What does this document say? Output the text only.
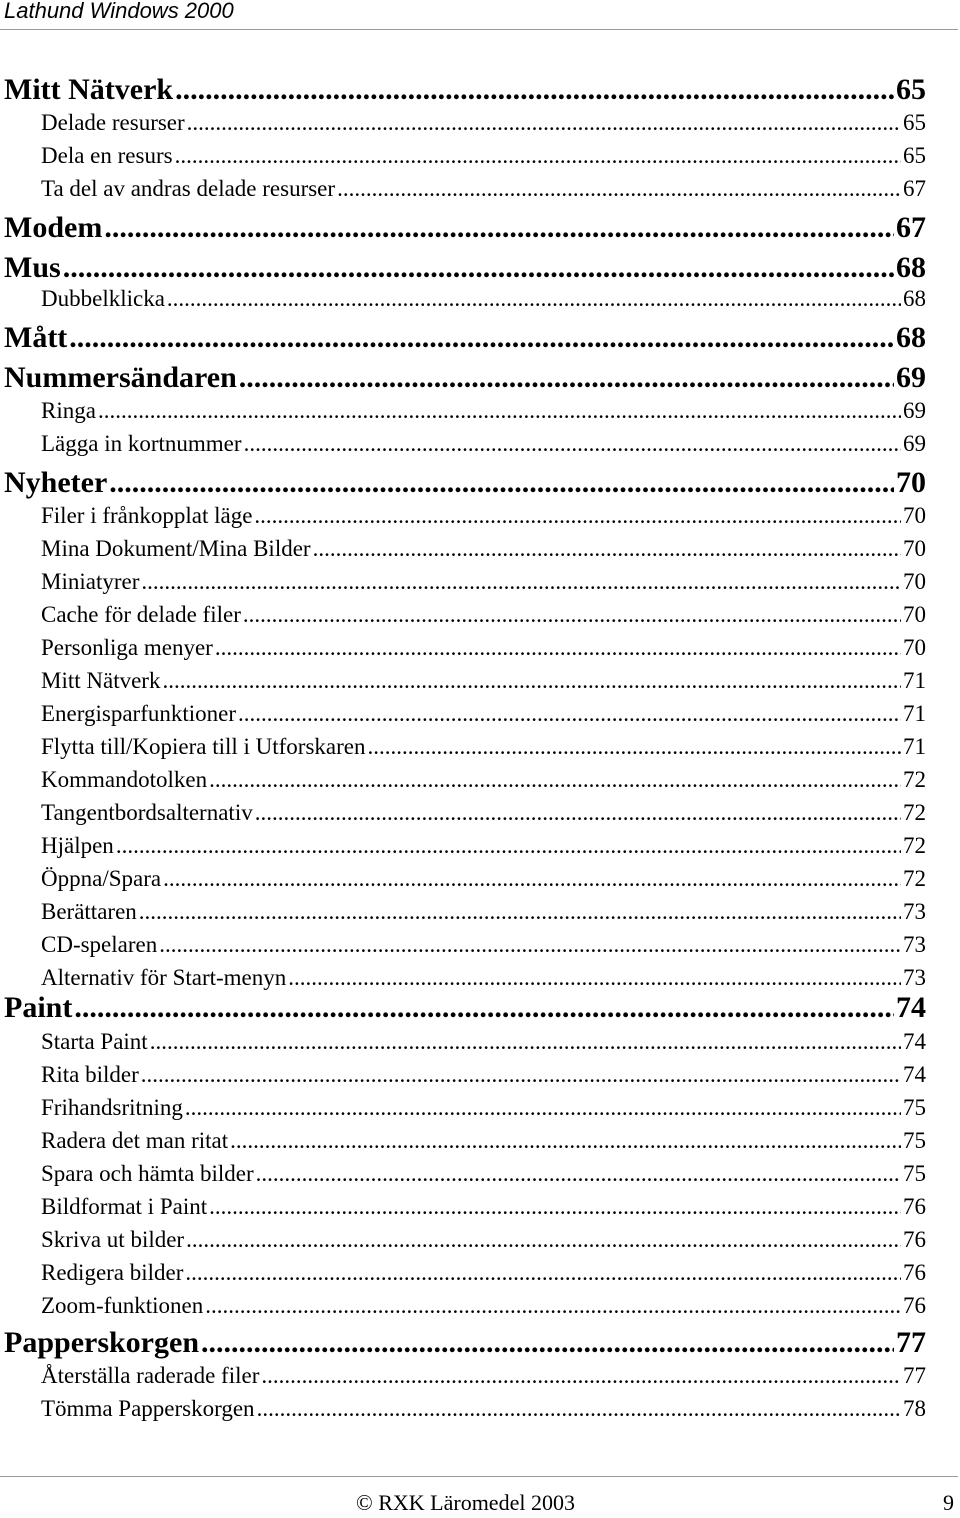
Lathund Windows 2000
Mitt Nätverk .....	65
Delade resurser .....	65
Dela en resurs .....	65
Ta del av andras delade resurser .....	67
Modem .....	67
Mus .....	68
Dubbelklicka .....	68
Mått .....	68
Nummersändaren .....	69
Ringa .....	69
Lägga in kortnummer .....	69
Nyheter .....	70
Filer i frånkopplat läge .....	70
Mina Dokument/Mina Bilder .....	70
Miniatyrer .....	70
Cache för delade filer .....	70
Personliga menyer .....	70
Mitt Nätverk .....	71
Energisparfunktioner .....	71
Flytta till/Kopiera till i Utforskaren .....	71
Kommandotolken .....	72
Tangentbordsalternativ .....	72
Hjälpen .....	72
Öppna/Spara .....	72
Berättaren .....	73
CD-spelaren .....	73
Alternativ för Start-menyn .....	73
Paint .....	74
Starta Paint .....	74
Rita bilder .....	74
Frihandsritning .....	75
Radera det man ritat .....	75
Spara och hämta bilder .....	75
Bildformat i Paint .....	76
Skriva ut bilder .....	76
Redigera bilder .....	76
Zoom-funktionen .....	76
Papperskorgen .....	77
Återställa raderade filer .....	77
Tömma Papperskorgen .....	78
© RXK Läromedel 2003	9
